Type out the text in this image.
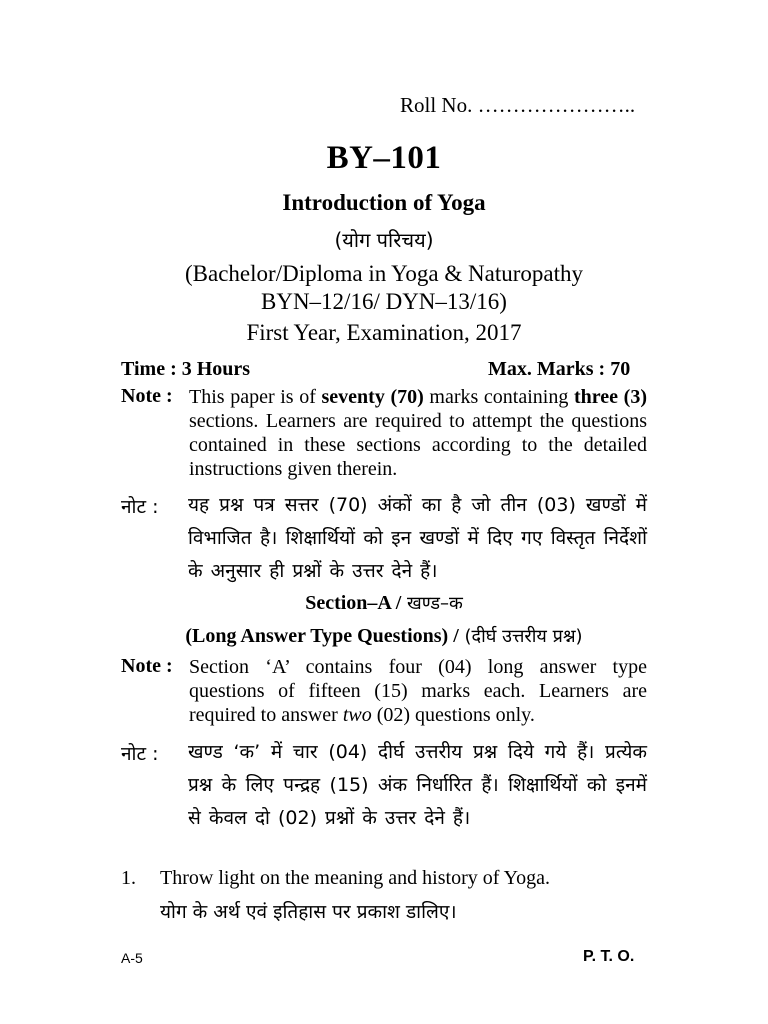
Roll No. …………………..
BY–101
Introduction of Yoga
(योग परिचय)
(Bachelor/Diploma in Yoga & Naturopathy
BYN–12/16/ DYN–13/16)
First Year, Examination, 2017
Time : 3 Hours	Max. Marks : 70
Note : This paper is of seventy (70) marks containing three (3) sections. Learners are required to attempt the questions contained in these sections according to the detailed instructions given therein.
नोट : यह प्रश्न पत्र सत्तर (70) अंकों का है जो तीन (03) खण्डों में विभाजित है। शिक्षार्थियों को इन खण्डों में दिए गए विस्तृत निर्देशों के अनुसार ही प्रश्नों के उत्तर देने हैं।
Section–A / खण्ड–क
(Long Answer Type Questions) / (दीर्घ उत्तरीय प्रश्न)
Note : Section ‘A’ contains four (04) long answer type questions of fifteen (15) marks each. Learners are required to answer two (02) questions only.
नोट : खण्ड ‘क’ में चार (04) दीर्घ उत्तरीय प्रश्न दिये गये हैं। प्रत्येक प्रश्न के लिए पन्द्रह (15) अंक निर्धारित हैं। शिक्षार्थियों को इनमें से केवल दो (02) प्रश्नों के उत्तर देने हैं।
1. Throw light on the meaning and history of Yoga.
योग के अर्थ एवं इतिहास पर प्रकाश डालिए।
A-5	P. T. O.
